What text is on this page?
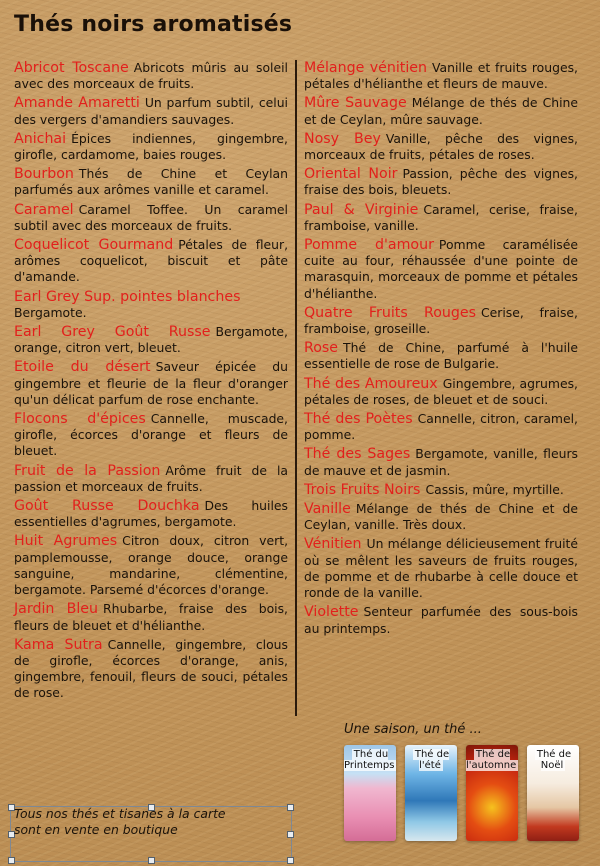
Thés noirs aromatisés
Abricot Toscane Abricots mûris au soleil avec des morceaux de fruits.
Amande Amaretti Un parfum subtil, celui des vergers d'amandiers sauvages.
Anichai Épices indiennes, gingembre, girofle, cardamome, baies rouges.
Bourbon Thés de Chine et Ceylan parfumés aux arômes vanille et caramel.
Caramel Caramel Toffee. Un caramel subtil avec des morceaux de fruits.
Coquelicot Gourmand Pétales de fleur, arômes coquelicot, biscuit et pâte d'amande.
Earl Grey Sup. pointes blanches
Bergamote.
Earl Grey Goût Russe Bergamote, orange, citron vert, bleuet.
Etoile du désert Saveur épicée du gingembre et fleurie de la fleur d'oranger qu'un délicat parfum de rose enchante.
Flocons d'épices Cannelle, muscade, girofle, écorces d'orange et fleurs de bleuet.
Fruit de la Passion Arôme fruit de la passion et morceaux de fruits.
Goût Russe Douchka Des huiles essentielles d'agrumes, bergamote.
Huit Agrumes Citron doux, citron vert, pamplemousse, orange douce, orange sanguine, mandarine, clémentine, bergamote. Parsemé d'écorces d'orange.
Jardin Bleu Rhubarbe, fraise des bois, fleurs de bleuet et d'hélianthe.
Kama Sutra Cannelle, gingembre, clous de girofle, écorces d'orange, anis, gingembre, fenouil, fleurs de souci, pétales de rose.
Mélange vénitien Vanille et fruits rouges, pétales d'hélianthe et fleurs de mauve.
Mûre Sauvage Mélange de thés de Chine et de Ceylan, mûre sauvage.
Nosy Bey Vanille, pêche des vignes, morceaux de fruits, pétales de roses.
Oriental Noir Passion, pêche des vignes, fraise des bois, bleuets.
Paul & Virginie Caramel, cerise, fraise, framboise, vanille.
Pomme d'amour Pomme caramélisée cuite au four, réhaussée d'une pointe de marasquin, morceaux de pomme et pétales d'hélianthe.
Quatre Fruits Rouges Cerise, fraise, framboise, groseille.
Rose Thé de Chine, parfumé à l'huile essentielle de rose de Bulgarie.
Thé des Amoureux Gingembre, agrumes, pétales de roses, de bleuet et de souci.
Thé des Poètes Cannelle, citron, caramel, pomme.
Thé des Sages Bergamote, vanille, fleurs de mauve et de jasmin.
Trois Fruits Noirs Cassis, mûre, myrtille.
Vanille Mélange de thés de Chine et de Ceylan, vanille. Très doux.
Vénitien Un mélange délicieusement fruité où se mêlent les saveurs de fruits rouges, de pomme et de rhubarbe à celle douce et ronde de la vanille.
Violette Senteur parfumée des sous-bois au printemps.
Une saison, un thé ...
Thé du Printemps
Thé de l'été
Thé de l'automne
Thé de Noël
Tous nos thés et tisanes à la carte
sont en vente en boutique
